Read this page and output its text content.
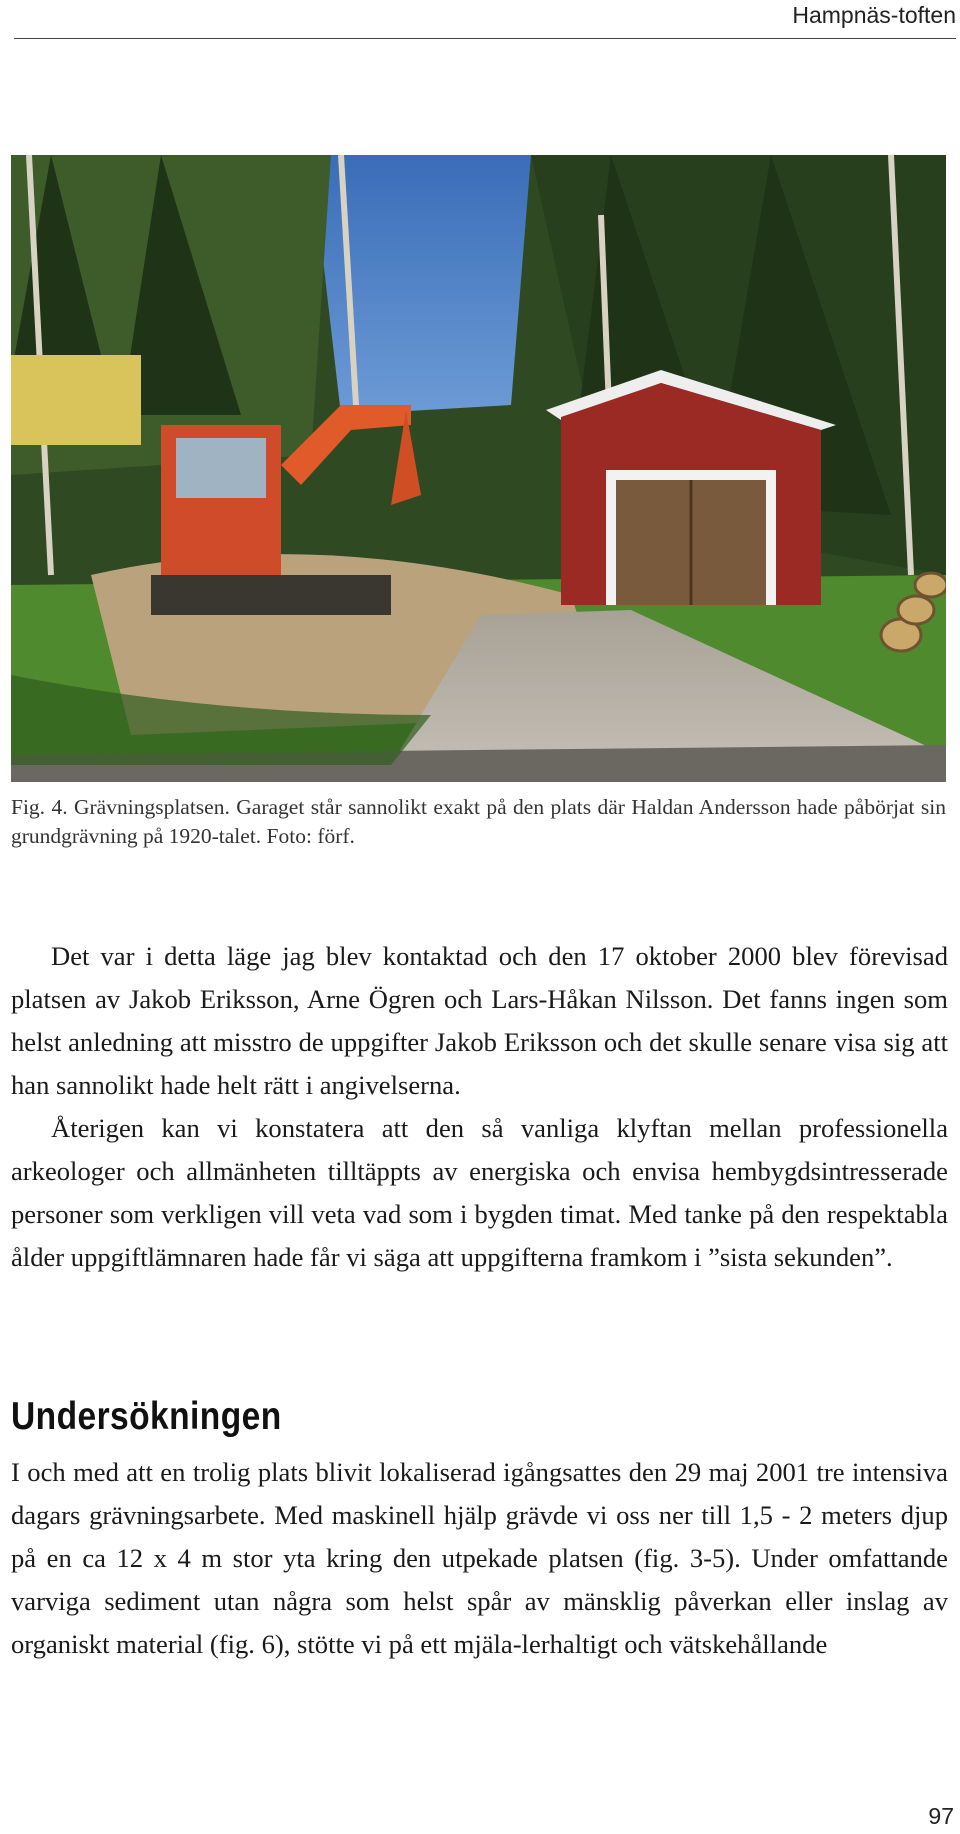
Hampnäs-toften
Fig. 4. Grävningsplatsen. Garaget står sannolikt exakt på den plats där Haldan Andersson hade påbörjat sin grundgrävning på 1920-talet. Foto: förf.

Det var i detta läge jag blev kontaktad och den 17 oktober 2000 blev förevisad platsen av Jakob Eriksson, Arne Ögren och Lars-Håkan Nilsson. Det fanns ingen som helst anledning att misstro de uppgifter Jakob Eriksson och det skulle senare visa sig att han sannolikt hade helt rätt i angivelserna.

Återigen kan vi konstatera att den så vanliga klyftan mellan professionella arkeologer och allmänheten tilltäppts av energiska och envisa hembygdsintresserade personer som verkligen vill veta vad som i bygden timat. Med tanke på den respektabla ålder uppgiftlämnaren hade får vi säga att uppgifterna framkom i ”sista sekunden”.

Undersökningen

I och med att en trolig plats blivit lokaliserad igångsattes den 29 maj 2001 tre intensiva dagars grävningsarbete. Med maskinell hjälp grävde vi oss ner till 1,5 - 2 meters djup på en ca 12 x 4 m stor yta kring den utpekade platsen (fig. 3-5). Under omfattande varviga sediment utan några som helst spår av mänsklig påverkan eller inslag av organiskt material (fig. 6), stötte vi på ett mjäla-lerhaltigt och vätskehållande

97
